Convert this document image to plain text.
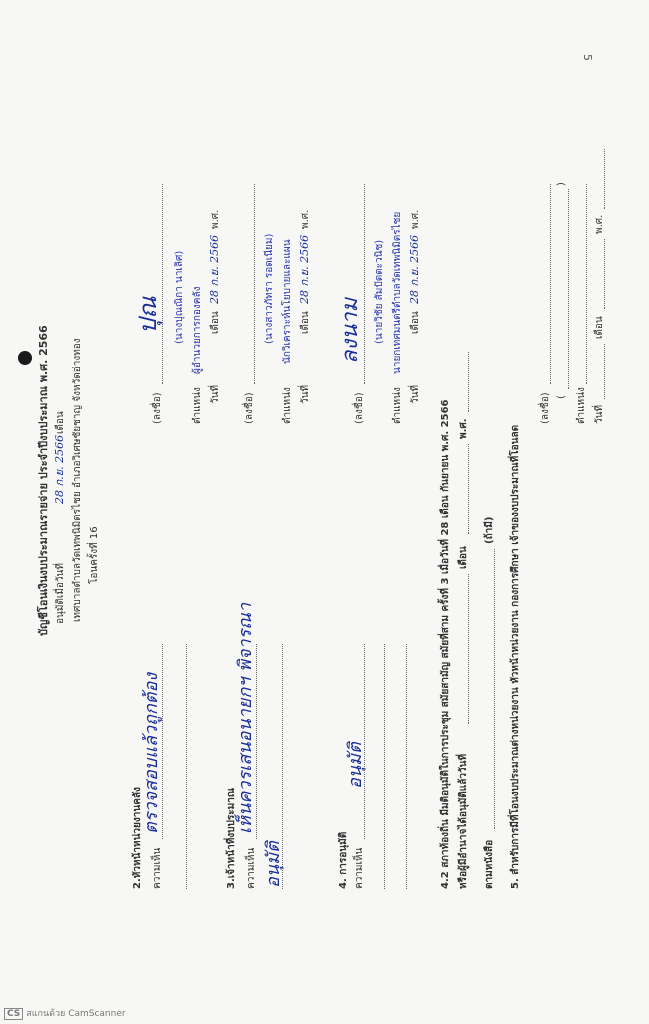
5
บัญชีโอนเงินงบประมาณรายจ่าย ประจำปีงบประมาณ พ.ศ. 2566 อนุมัติเมื่อวันที่
28 ก.ย. 2566
เดือน เทศบาลตำบลวัดเทพนิมิตรไชย อำเภอวิเศษชัยชาญ จังหวัดอ่างทอง โอนครั้งที่ 16
2.หัวหน้าหน่วยงานคลัง ความเห็น
ตรวจสอบแล้วถูกต้อง
3.เจ้าหน้าที่งบประมาณ ความเห็น
เห็นควรเสนอนายกฯ พิจารณา
อนุมัติ	4. การอนุมัติ ความเห็น
อนุมัติ
(ลงชื่อ)
ปุณ	(นางปุณณิกา นาเลิศ)
ตำแหน่ง
ผู้อำนวยการกองคลัง
วันที่
เดือน
28 ก.ย. 2566
พ.ศ.
(ลงชื่อ)
(นางสาวภัทรา รอดเนียม)
ตำแหน่ง
นักวิเคราะห์นโยบายและแผน
วันที่
เดือน
28 ก.ย. 2566
พ.ศ.
(ลงชื่อ)
ลงนาม	(นายวิชัย สัมปัตตะวนิช)
ตำแหน่ง
นายกเทศมนตรีตำบลวัดเทพนิมิตรไชย
วันที่
เดือน
28 ก.ย. 2566
พ.ศ.
4.2 สภาท้องถิ่น มีมติอนุมัติในการประชุม สมัยสามัญ สมัยที่สาม ครั้งที่ 3 เมื่อวันที่ 28 เดือน กันยายน พ.ศ. 2566 หรือผู้มีอำนาจได้อนุมัติแล้ววันที่
เดือน
พ.ศ.
ตามหนังสือ
(ถ้ามี) 5. สำหรับการมีที่โอนงบประมาณต่างหน่วยงาน หัวหน้าหน่วยงาน กองการศึกษา เจ้าของงบประมาณที่โอนลด
(ลงชื่อ) (
)
ตำแหน่ง วันที่
เดือน
พ.ศ.
CS สแกนด้วย CamScanner
